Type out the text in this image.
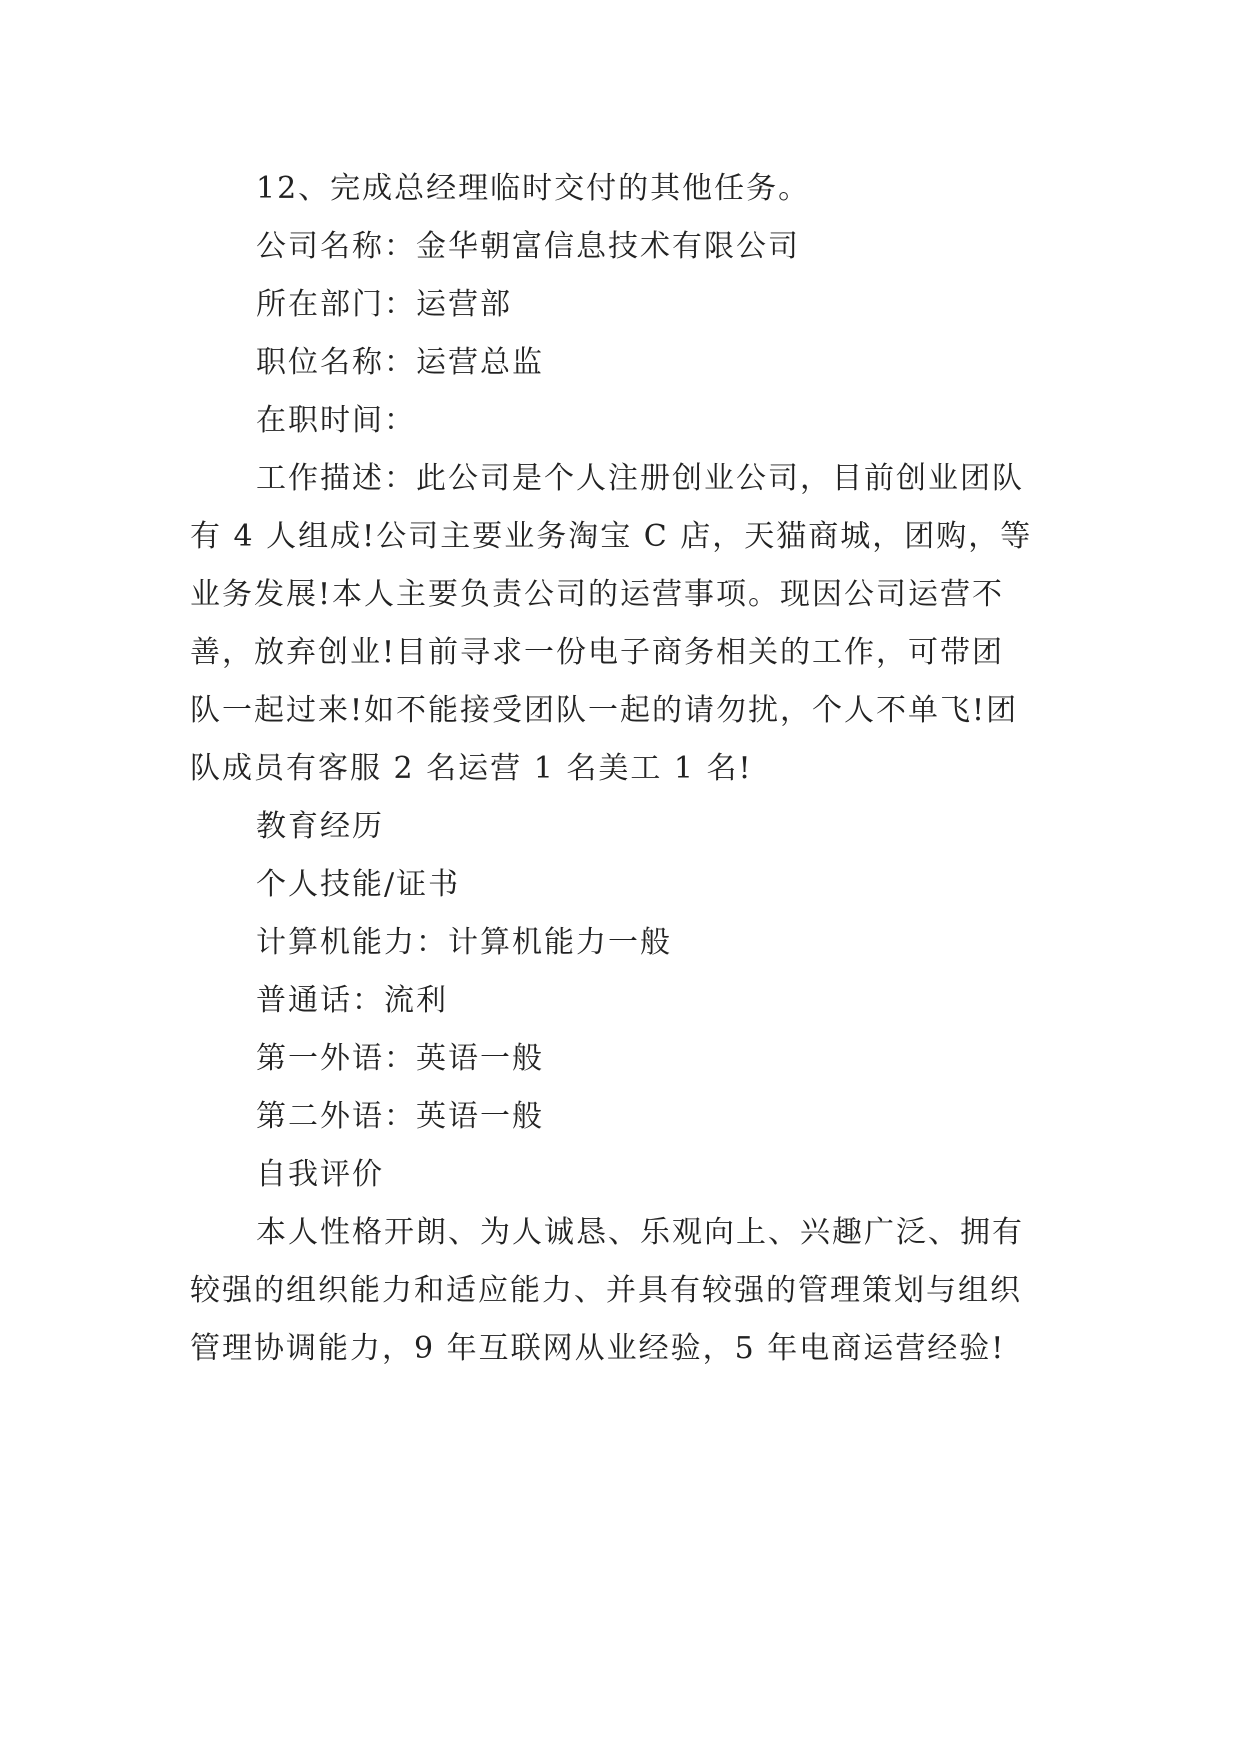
12、完成总经理临时交付的其他任务。
公司名称：金华朝富信息技术有限公司
所在部门：运营部
职位名称：运营总监
在职时间：
工作描述：此公司是个人注册创业公司，目前创业团队
有 4 人组成!公司主要业务淘宝 C 店，天猫商城，团购，等
业务发展!本人主要负责公司的运营事项。现因公司运营不
善，放弃创业!目前寻求一份电子商务相关的工作，可带团
队一起过来!如不能接受团队一起的请勿扰，个人不单飞!团
队成员有客服 2 名运营 1 名美工 1 名!
教育经历
个人技能/证书
计算机能力：计算机能力一般
普通话：流利
第一外语：英语一般
第二外语：英语一般
自我评价
本人性格开朗、为人诚恳、乐观向上、兴趣广泛、拥有
较强的组织能力和适应能力、并具有较强的管理策划与组织
管理协调能力，9 年互联网从业经验，5 年电商运营经验!
